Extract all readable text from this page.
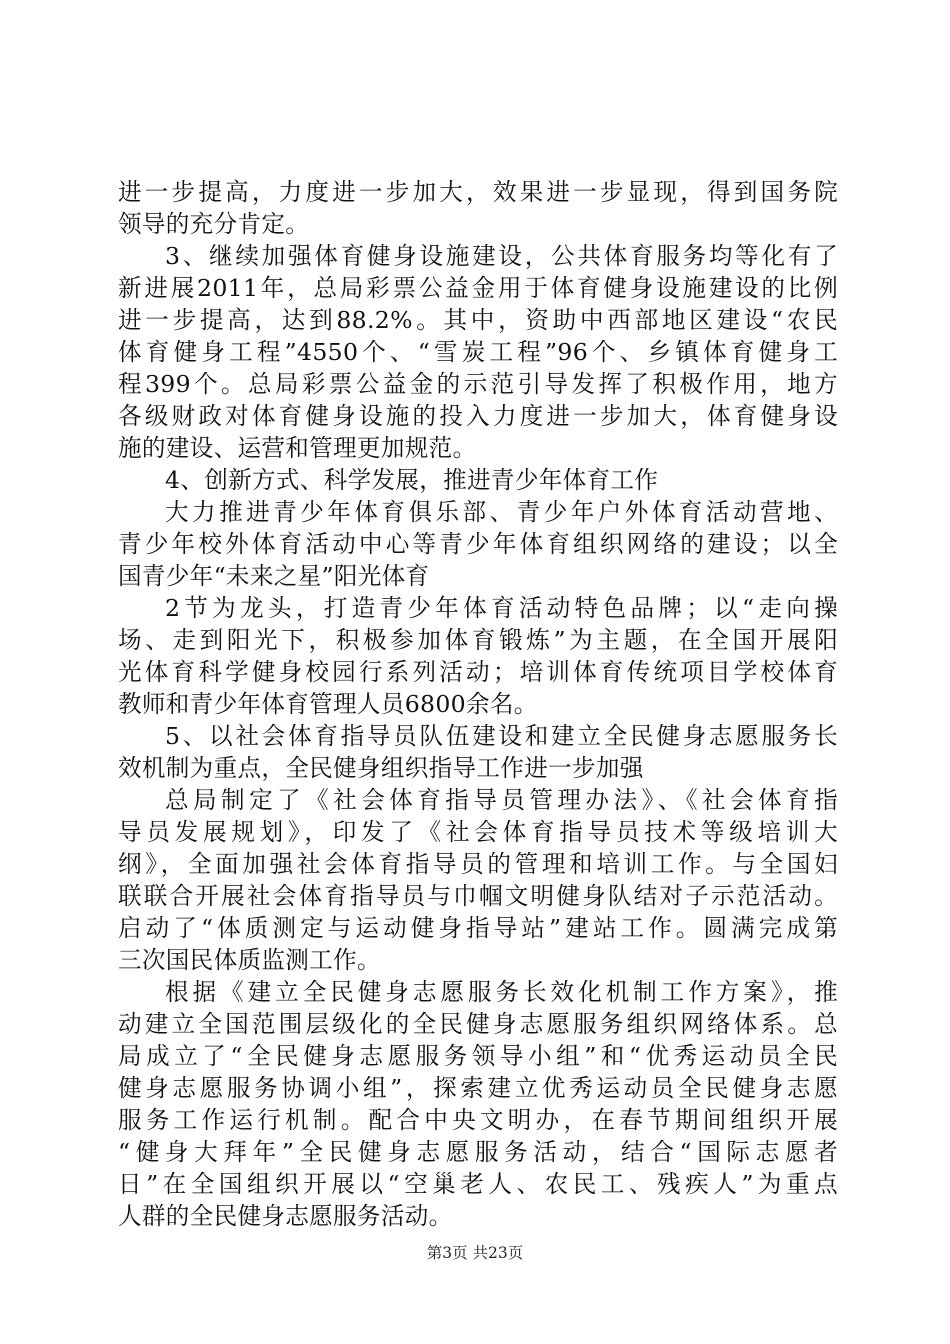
进一步提高，力度进一步加大，效果进一步显现，得到国务院
领导的充分肯定。
3、继续加强体育健身设施建设，公共体育服务均等化有了
新进展2011年，总局彩票公益金用于体育健身设施建设的比例
进一步提高，达到88.2%。其中，资助中西部地区建设“农民
体育健身工程”4550个、“雪炭工程”96个、乡镇体育健身工
程399个。总局彩票公益金的示范引导发挥了积极作用，地方
各级财政对体育健身设施的投入力度进一步加大，体育健身设
施的建设、运营和管理更加规范。
4、创新方式、科学发展，推进青少年体育工作
大力推进青少年体育俱乐部、青少年户外体育活动营地、
青少年校外体育活动中心等青少年体育组织网络的建设；以全
国青少年“未来之星”阳光体育
2节为龙头，打造青少年体育活动特色品牌；以“走向操
场、走到阳光下，积极参加体育锻炼”为主题，在全国开展阳
光体育科学健身校园行系列活动；培训体育传统项目学校体育
教师和青少年体育管理人员6800余名。
5、以社会体育指导员队伍建设和建立全民健身志愿服务长
效机制为重点，全民健身组织指导工作进一步加强
总局制定了《社会体育指导员管理办法》、《社会体育指
导员发展规划》，印发了《社会体育指导员技术等级培训大
纲》，全面加强社会体育指导员的管理和培训工作。与全国妇
联联合开展社会体育指导员与巾帼文明健身队结对子示范活动。
启动了“体质测定与运动健身指导站”建站工作。圆满完成第
三次国民体质监测工作。
根据《建立全民健身志愿服务长效化机制工作方案》，推
动建立全国范围层级化的全民健身志愿服务组织网络体系。总
局成立了“全民健身志愿服务领导小组”和“优秀运动员全民
健身志愿服务协调小组”，探索建立优秀运动员全民健身志愿
服务工作运行机制。配合中央文明办，在春节期间组织开展
“健身大拜年”全民健身志愿服务活动，结合“国际志愿者
日”在全国组织开展以“空巢老人、农民工、残疾人”为重点
人群的全民健身志愿服务活动。
第3页 共23页
